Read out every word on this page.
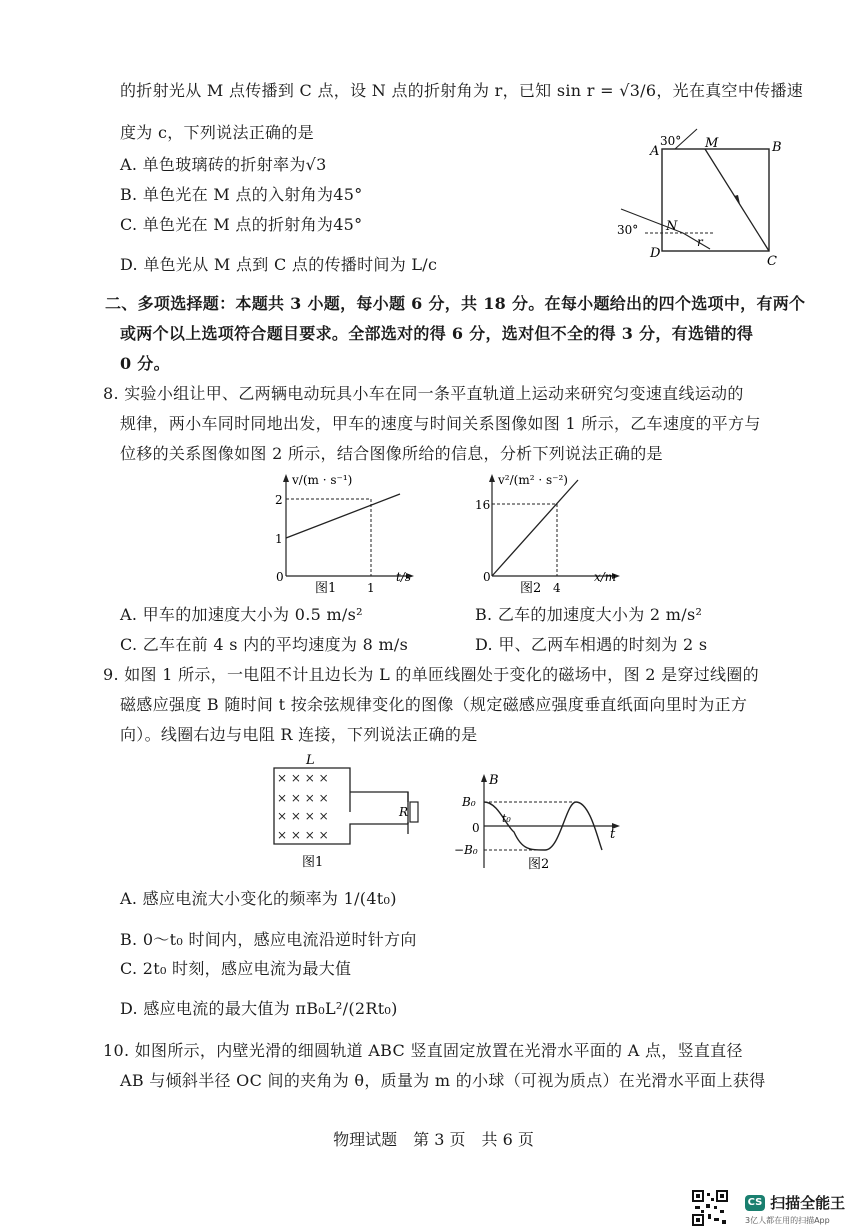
的折射光从 M 点传播到 C 点，设 N 点的折射角为 r，已知 sin r = √3/6，光在真空中传播速
度为 c，下列说法正确的是
A. 单色玻璃砖的折射率为√3
B. 单色光在 M 点的入射角为45°
C. 单色光在 M 点的折射角为45°
D. 单色光从 M 点到 C 点的传播时间为 L/c
A	B
C
D
M
N
r
30°
30°
二、多项选择题：本题共 3 小题，每小题 6 分，共 18 分。在每小题给出的四个选项中，有两个
或两个以上选项符合题目要求。全部选对的得 6 分，选对但不全的得 3 分，有选错的得
0 分。
8. 实验小组让甲、乙两辆电动玩具小车在同一条平直轨道上运动来研究匀变速直线运动的
规律，两小车同时同地出发，甲车的速度与时间关系图像如图 1 所示，乙车速度的平方与
位移的关系图像如图 2 所示，结合图像所给的信息，分析下列说法正确的是
v/(m · s⁻¹)
t/s
0
1
2
1
图1
v²/(m² · s⁻²)
x/m
0
16
4
图2
A. 甲车的加速度大小为 0.5 m/s²	B. 乙车的加速度大小为 2 m/s²
C. 乙车在前 4 s 内的平均速度为 8 m/s	D. 甲、乙两车相遇的时刻为 2 s
9. 如图 1 所示，一电阻不计且边长为 L 的单匝线圈处于变化的磁场中，图 2 是穿过线圈的
磁感应强度 B 随时间 t 按余弦规律变化的图像（规定磁感应强度垂直纸面向里时为正方
向）。线圈右边与电阻 R 连接，下列说法正确的是
× × × ×
× × × ×
× × × ×
× × × ×
L
R
图1
B
t
B₀
−B₀
0
t₀
图2
A. 感应电流大小变化的频率为 1/(4t₀)
B. 0～t₀ 时间内，感应电流沿逆时针方向
C. 2t₀ 时刻，感应电流为最大值
D. 感应电流的最大值为 πB₀L²/(2Rt₀)
10. 如图所示，内壁光滑的细圆轨道 ABC 竖直固定放置在光滑水平面的 A 点，竖直直径
AB 与倾斜半径 OC 间的夹角为 θ，质量为 m 的小球（可视为质点）在光滑水平面上获得
物理试题　第 3 页　共 6 页
CS 扫描全能王
3亿人都在用的扫描App
